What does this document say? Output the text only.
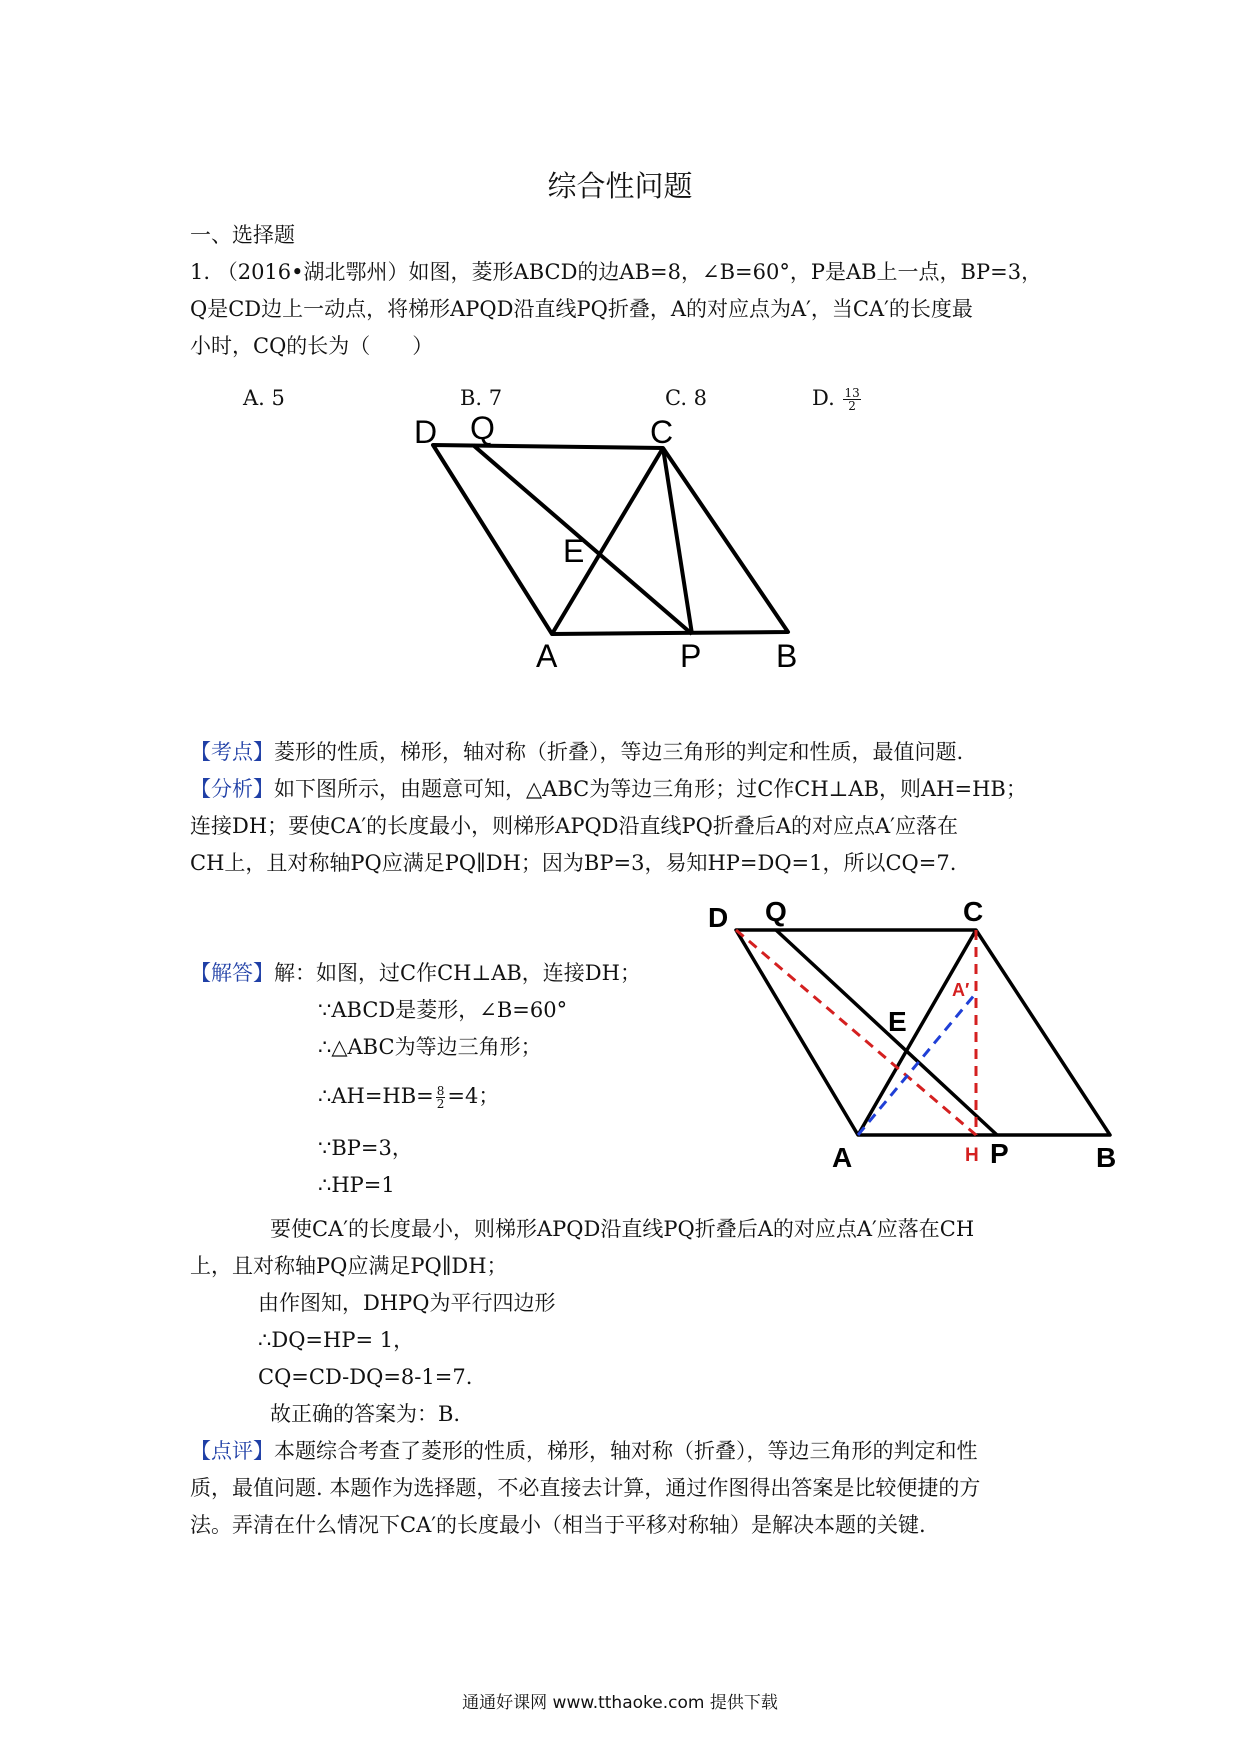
综合性问题
一、选择题
1. （2016•湖北鄂州）如图，菱形ABCD的边AB=8，∠B=60°，P是AB上一点，BP=3，
Q是CD边上一动点，将梯形APQD沿直线PQ折叠，A的对应点为A′，当CA′的长度最
小时，CQ的长为（　　）
A. 5	B. 7	C. 8	D. $\frac{13}{2}$
D Q	C
E
A	P B
【考点】菱形的性质，梯形，轴对称（折叠），等边三角形的判定和性质，最值问题.
【分析】如下图所示，由题意可知，△ABC为等边三角形；过C作CH⊥AB，则AH=HB；
连接DH；要使CA′的长度最小，则梯形APQD沿直线PQ折叠后A的对应点A′应落在
CH上，且对称轴PQ应满足PQ∥DH；因为BP=3，易知HP=DQ=1，所以CQ=7.
D Q	C
E
A	P	B
H
A′
【解答】解：如图，过C作CH⊥AB，连接DH；
∵ABCD是菱形，∠B=60°
∴△ABC为等边三角形；
∴AH=HB= $\frac{8}{2} =4$；
∵BP=3，
∴HP=1
要使CA′的长度最小，则梯形APQD沿直线PQ折叠后A的对应点A′应落在CH
上，且对称轴PQ应满足PQ∥DH；
由作图知，DHPQ为平行四边形
∴DQ=HP= 1，
CQ=CD-DQ=8-1=7.
故正确的答案为：B.
【点评】本题综合考查了菱形的性质，梯形，轴对称（折叠），等边三角形的判定和性
质，最值问题. 本题作为选择题，不必直接去计算，通过作图得出答案是比较便捷的方
法。弄清在什么情况下CA′的长度最小（相当于平移对称轴）是解决本题的关键.
通通好课网 www.tthaoke.com 提供下载
